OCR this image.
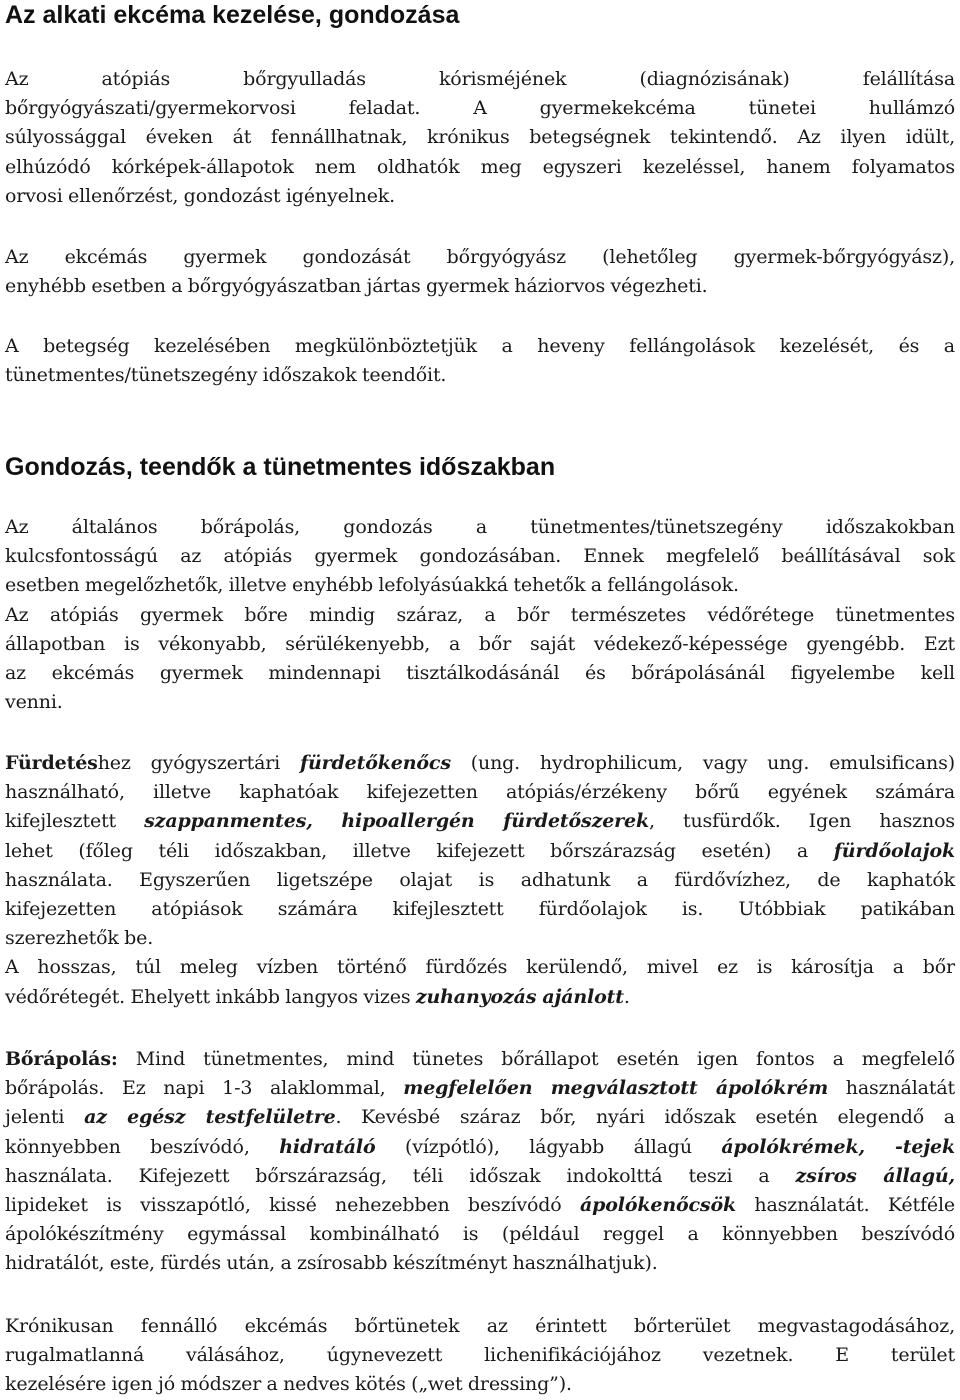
Az alkati ekcéma kezelése, gondozása
Az atópiás bőrgyulladás kórisméjének (diagnózisának) felállítása
bőrgyógyászati/gyermekorvosi feladat. A gyermekekcéma tünetei hullámzó
súlyossággal éveken át fennállhatnak, krónikus betegségnek tekintendő. Az ilyen idült,
elhúzódó kórképek-állapotok nem oldhatók meg egyszeri kezeléssel, hanem folyamatos
orvosi ellenőrzést, gondozást igényelnek.
Az ekcémás gyermek gondozását bőrgyógyász (lehetőleg gyermek-bőrgyógyász),
enyhébb esetben a bőrgyógyászatban jártas gyermek háziorvos végezheti.
A betegség kezelésében megkülönböztetjük a heveny fellángolások kezelését, és a
tünetmentes/tünetszegény időszakok teendőit.
Gondozás, teendők a tünetmentes időszakban
Az általános bőrápolás, gondozás a tünetmentes/tünetszegény időszakokban
kulcsfontosságú az atópiás gyermek gondozásában. Ennek megfelelő beállításával sok
esetben megelőzhetők, illetve enyhébb lefolyásúakká tehetők a fellángolások.
Az atópiás gyermek bőre mindig száraz, a bőr természetes védőrétege tünetmentes
állapotban is vékonyabb, sérülékenyebb, a bőr saját védekező-képessége gyengébb. Ezt
az ekcémás gyermek mindennapi tisztálkodásánál és bőrápolásánál figyelembe kell
venni.
Fürdetéshez gyógyszertári fürdetőkenőcs (ung. hydrophilicum, vagy ung. emulsificans)
használható, illetve kaphatóak kifejezetten atópiás/érzékeny bőrű egyének számára
kifejlesztett szappanmentes, hipoallergén fürdetőszerek, tusfürdők. Igen hasznos
lehet (főleg téli időszakban, illetve kifejezett bőrszárazság esetén) a fürdőolajok
használata. Egyszerűen ligetszépe olajat is adhatunk a fürdővízhez, de kaphatók
kifejezetten atópiások számára kifejlesztett fürdőolajok is. Utóbbiak patikában
szerezhetők be.
A hosszas, túl meleg vízben történő fürdőzés kerülendő, mivel ez is károsítja a bőr
védőrétegét. Ehelyett inkább langyos vizes zuhanyozás ajánlott.
Bőrápolás: Mind tünetmentes, mind tünetes bőrállapot esetén igen fontos a megfelelő
bőrápolás. Ez napi 1-3 alaklommal, megfelelően megválasztott ápolókrém használatát
jelenti az egész testfelületre. Kevésbé száraz bőr, nyári időszak esetén elegendő a
könnyebben beszívódó, hidratáló (vízpótló), lágyabb állagú ápolókrémek, -tejek
használata. Kifejezett bőrszárazság, téli időszak indokolttá teszi a zsíros állagú,
lipideket is visszapótló, kissé nehezebben beszívódó ápolókenőcsök használatát. Kétféle
ápolókészítmény egymással kombinálható is (például reggel a könnyebben beszívódó
hidratálót, este, fürdés után, a zsírosabb készítményt használhatjuk).
Krónikusan fennálló ekcémás bőrtünetek az érintett bőrterület megvastagodásához,
rugalmatlanná válásához, úgynevezett lichenifikációjához vezetnek. E terület
kezelésére igen jó módszer a nedves kötés („wet dressing”).
